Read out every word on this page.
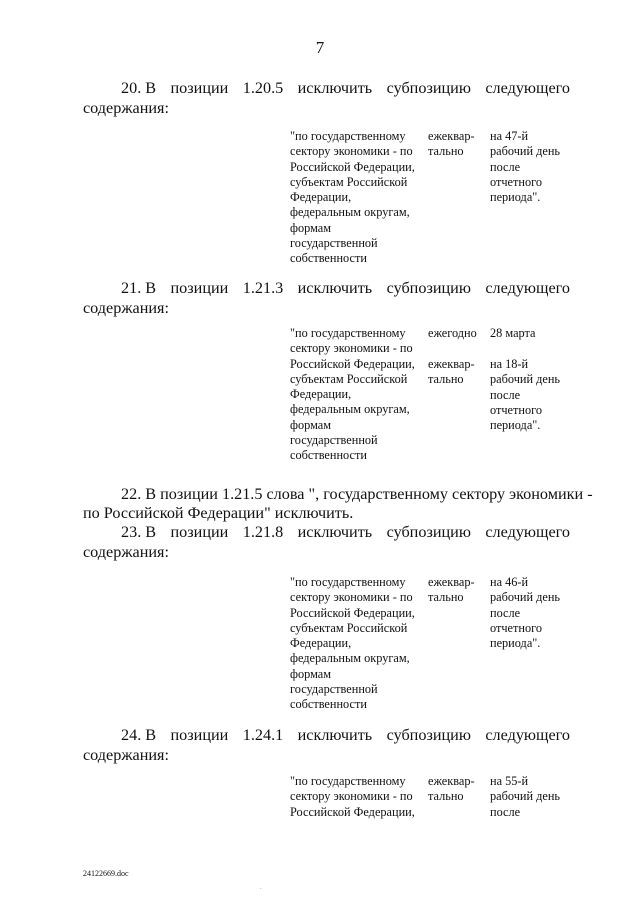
7
20. В позиции 1.20.5 исключить субпозицию следующего
содержания:
"по государственному
сектору экономики - по
Российской Федерации,
субъектам Российской
Федерации,
федеральным округам,
формам
государственной
собственности
ежеквар-
тально
на 47-й
рабочий день
после
отчетного
периода".
21. В позиции 1.21.3 исключить субпозицию следующего
содержания:
"по государственному
сектору экономики - по
Российской Федерации,
субъектам Российской
Федерации,
федеральным округам,
формам
государственной
собственности
ежегодно	28 марта
ежеквар-
тально
на 18-й
рабочий день
после
отчетного
периода".
22. В позиции 1.21.5 слова ", государственному сектору экономики -
по Российской Федерации" исключить.
23. В позиции 1.21.8 исключить субпозицию следующего
содержания:
"по государственному
сектору экономики - по
Российской Федерации,
субъектам Российской
Федерации,
федеральным округам,
формам
государственной
собственности
ежеквар-
тально
на 46-й
рабочий день
после
отчетного
периода".
24. В позиции 1.24.1 исключить субпозицию следующего
содержания:
"по государственному
сектору экономики - по
Российской Федерации,
ежеквар-
тально
на 55-й
рабочий день
после
24122669.doc
.
